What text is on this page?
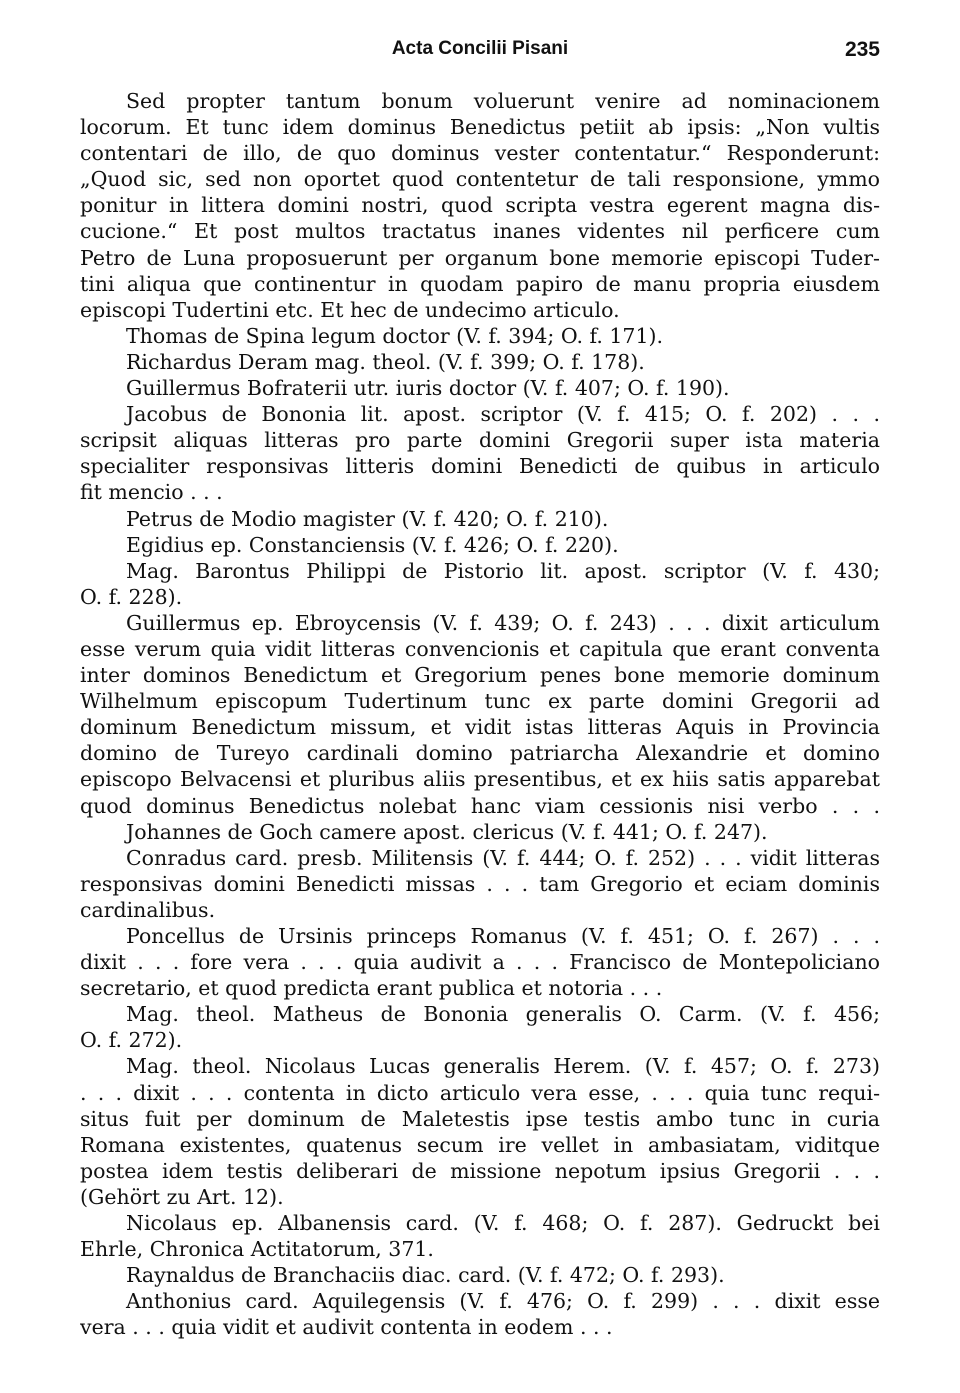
Acta Concilii Pisani	235
Sed propter tantum bonum voluerunt venire ad nominacionem
locorum. Et tunc idem dominus Benedictus petiit ab ipsis: „Non vultis
contentari de illo, de quo dominus vester contentatur.“ Responderunt:
„Quod sic, sed non oportet quod contentetur de tali responsione, ymmo
ponitur in littera domini nostri, quod scripta vestra egerent magna dis-
cucione.“ Et post multos tractatus inanes videntes nil perficere cum
Petro de Luna proposuerunt per organum bone memorie episcopi Tuder-
tini aliqua que continentur in quodam papiro de manu propria eiusdem
episcopi Tudertini etc. Et hec de undecimo articulo.
Thomas de Spina legum doctor (V. f. 394; O. f. 171).
Richardus Deram mag. theol. (V. f. 399; O. f. 178).
Guillermus Bofraterii utr. iuris doctor (V. f. 407; O. f. 190).
Jacobus de Bononia lit. apost. scriptor (V. f. 415; O. f. 202) . . .
scripsit aliquas litteras pro parte domini Gregorii super ista materia
specialiter responsivas litteris domini Benedicti de quibus in articulo
fit mencio . . .
Petrus de Modio magister (V. f. 420; O. f. 210).
Egidius ep. Constanciensis (V. f. 426; O. f. 220).
Mag. Barontus Philippi de Pistorio lit. apost. scriptor (V. f. 430;
O. f. 228).
Guillermus ep. Ebroycensis (V. f. 439; O. f. 243) . . . dixit articulum
esse verum quia vidit litteras convencionis et capitula que erant conventa
inter dominos Benedictum et Gregorium penes bone memorie dominum
Wilhelmum episcopum Tudertinum tunc ex parte domini Gregorii ad
dominum Benedictum missum, et vidit istas litteras Aquis in Provincia
domino de Tureyo cardinali domino patriarcha Alexandrie et domino
episcopo Belvacensi et pluribus aliis presentibus, et ex hiis satis apparebat
quod dominus Benedictus nolebat hanc viam cessionis nisi verbo . . .
Johannes de Goch camere apost. clericus (V. f. 441; O. f. 247).
Conradus card. presb. Militensis (V. f. 444; O. f. 252) . . . vidit litteras
responsivas domini Benedicti missas . . . tam Gregorio et eciam dominis
cardinalibus.
Poncellus de Ursinis princeps Romanus (V. f. 451; O. f. 267) . . .
dixit . . . fore vera . . . quia audivit a . . . Francisco de Montepoliciano
secretario, et quod predicta erant publica et notoria . . .
Mag. theol. Matheus de Bononia generalis O. Carm. (V. f. 456;
O. f. 272).
Mag. theol. Nicolaus Lucas generalis Herem. (V. f. 457; O. f. 273)
. . . dixit . . . contenta in dicto articulo vera esse, . . . quia tunc requi-
situs fuit per dominum de Maletestis ipse testis ambo tunc in curia
Romana existentes, quatenus secum ire vellet in ambasiatam, viditque
postea idem testis deliberari de missione nepotum ipsius Gregorii . . .
(Gehört zu Art. 12).
Nicolaus ep. Albanensis card. (V. f. 468; O. f. 287). Gedruckt bei
Ehrle, Chronica Actitatorum, 371.
Raynaldus de Branchaciis diac. card. (V. f. 472; O. f. 293).
Anthonius card. Aquilegensis (V. f. 476; O. f. 299) . . . dixit esse
vera . . . quia vidit et audivit contenta in eodem . . .
